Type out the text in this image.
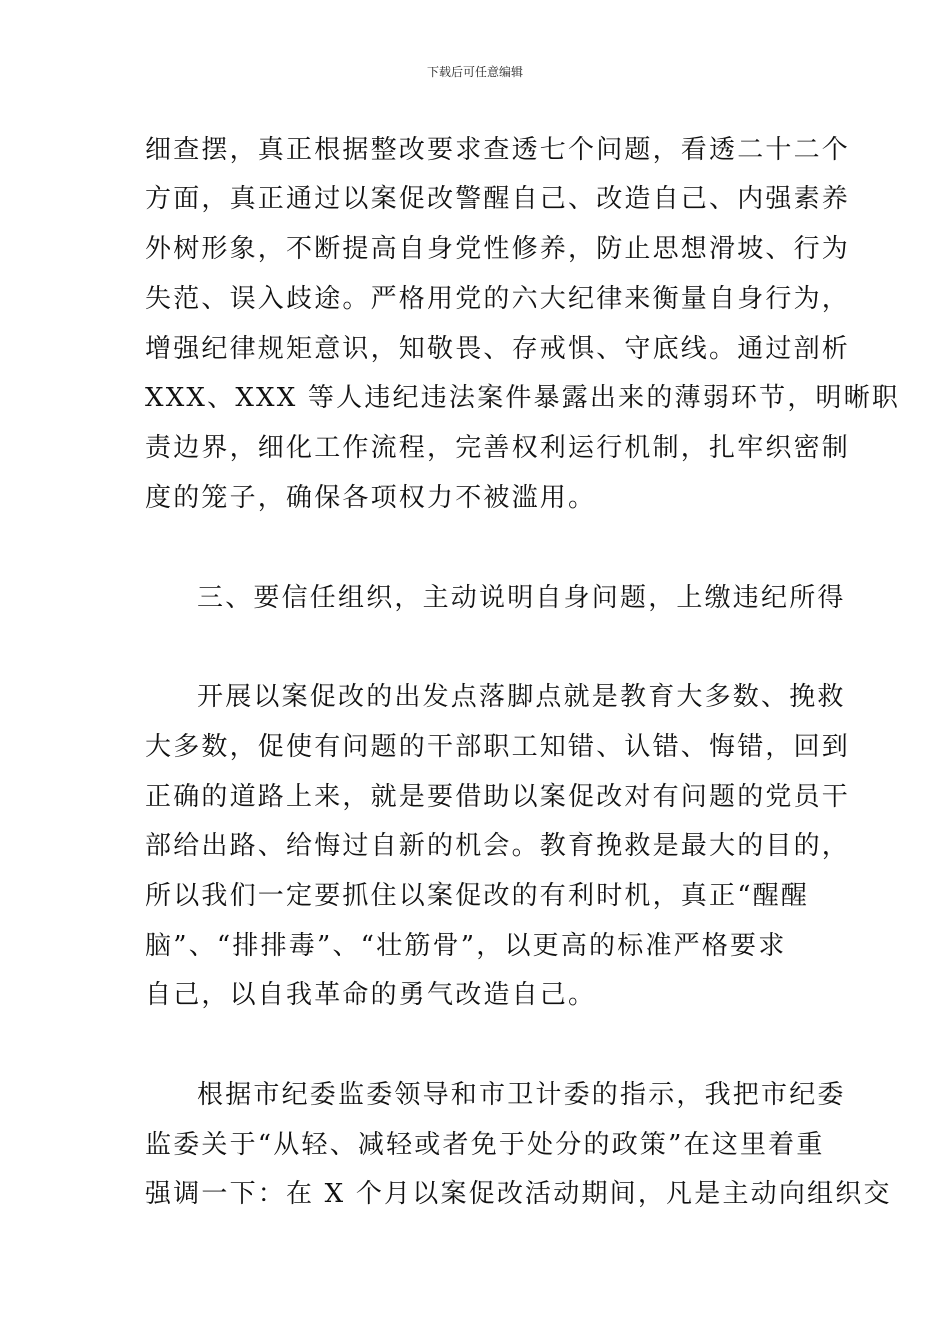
下载后可任意编辑
细查摆，真正根据整改要求查透七个问题，看透二十二个
方面，真正通过以案促改警醒自己、改造自己、内强素养
外树形象，不断提高自身党性修养，防止思想滑坡、行为
失范、误入歧途。严格用党的六大纪律来衡量自身行为，
增强纪律规矩意识，知敬畏、存戒惧、守底线。通过剖析
XXX、XXX 等人违纪违法案件暴露出来的薄弱环节，明晰职
责边界，细化工作流程，完善权利运行机制，扎牢织密制
度的笼子，确保各项权力不被滥用。
三、要信任组织，主动说明自身问题，上缴违纪所得
开展以案促改的出发点落脚点就是教育大多数、挽救
大多数，促使有问题的干部职工知错、认错、悔错，回到
正确的道路上来，就是要借助以案促改对有问题的党员干
部给出路、给悔过自新的机会。教育挽救是最大的目的，
所以我们一定要抓住以案促改的有利时机，真正“醒醒
脑”、“排排毒”、“壮筋骨”，以更高的标准严格要求
自己，以自我革命的勇气改造自己。
根据市纪委监委领导和市卫计委的指示，我把市纪委
监委关于“从轻、减轻或者免于处分的政策”在这里着重
强调一下：在 X 个月以案促改活动期间，凡是主动向组织交
